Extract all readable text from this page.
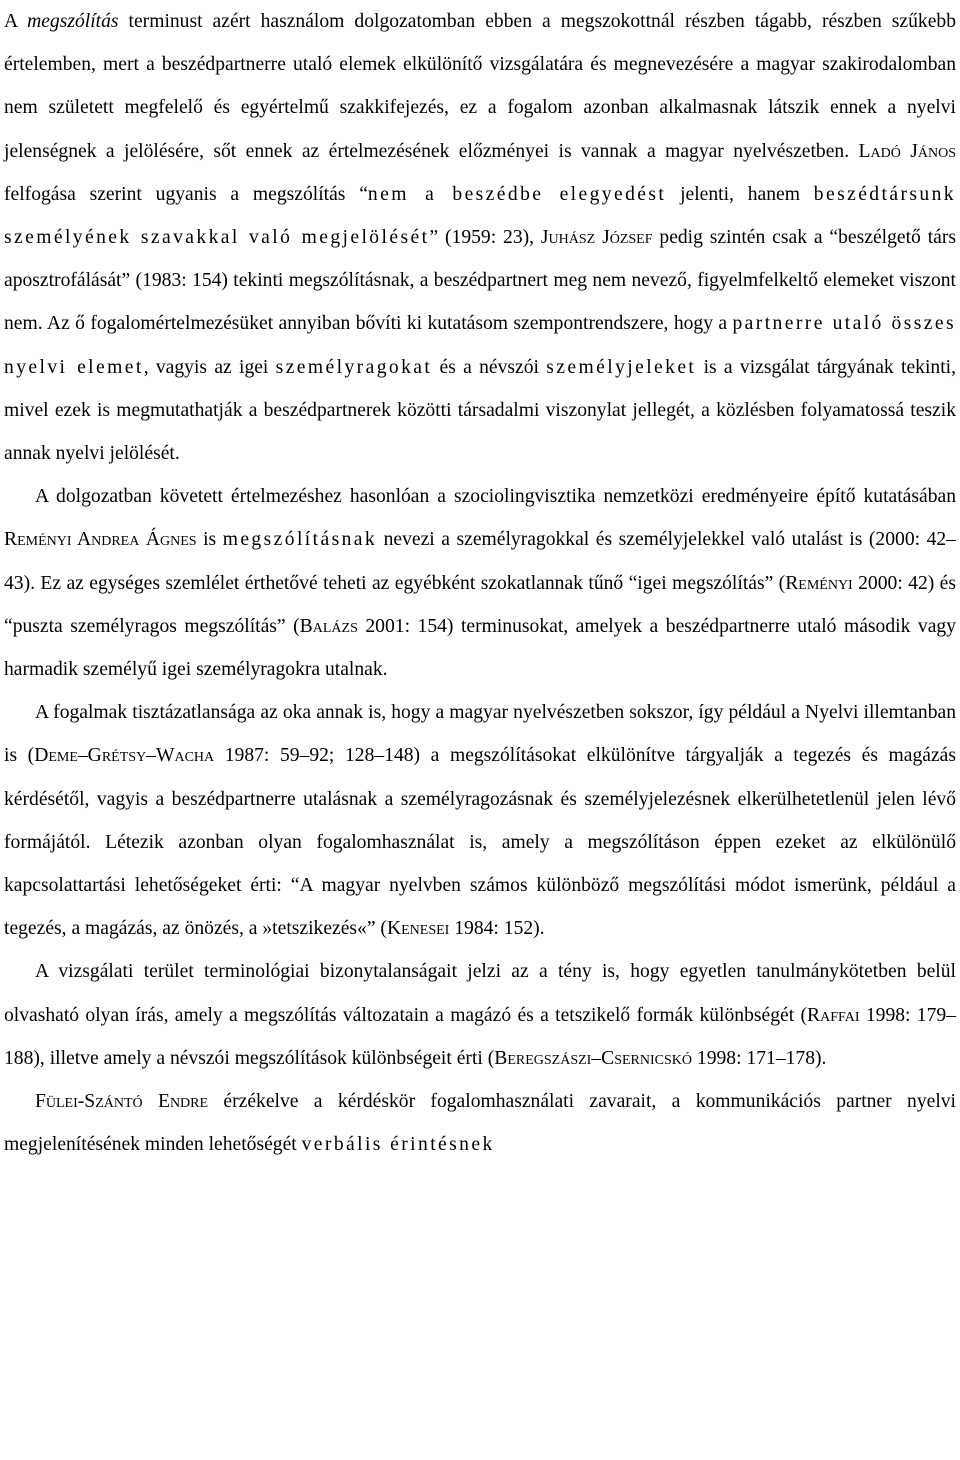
A megszólítás terminust azért használom dolgozatomban ebben a megszokottnál részben tágabb, részben szűkebb értelemben, mert a beszédpartnerre utaló elemek elkülönítő vizsgálatára és megnevezésére a magyar szakirodalomban nem született megfelelő és egyértelmű szakkifejezés, ez a fogalom azonban alkalmasnak látszik ennek a nyelvi jelenségnek a jelölésére, sőt ennek az értelmezésének előzményei is vannak a magyar nyelvészetben. Ladó János felfogása szerint ugyanis a megszólítás “nem a beszédbe elegyedést jelenti, hanem beszédtársunk személyének szavakkal való megjelölését” (1959: 23), Juhász József pedig szintén csak a “beszélgető társ aposztrofálását” (1983: 154) tekinti megszólításnak, a beszédpartnert meg nem nevező, figyelmfelkeltő elemeket viszont nem. Az ő fogalomértelmezésüket annyiban bővíti ki kutatásom szempontrendszere, hogy a partnerre utaló összes nyelvi elemet, vagyis az igei személyragokat és a névszói személyjeleket is a vizsgálat tárgyának tekinti, mivel ezek is megmutathatják a beszédpartnerek közötti társadalmi viszonylat jellegét, a közlésben folyamatossá teszik annak nyelvi jelölését.

A dolgozatban követett értelmezéshez hasonlóan a szociolingvisztika nemzetközi eredményeire építő kutatásában Reményi Andrea Ágnes is megszólításnak nevezi a személyragokkal és személyjelekkel való utalást is (2000: 42–43). Ez az egységes szemlélet érthetővé teheti az egyébként szokatlannak tűnő “igei megszólítás” (Reményi 2000: 42) és “puszta személyragos megszólítás” (Balázs 2001: 154) terminusokat, amelyek a beszédpartnerre utaló második vagy harmadik személyű igei személyragokra utalnak.

A fogalmak tisztázatlansága az oka annak is, hogy a magyar nyelvészetben sokszor, így például a Nyelvi illemtanban is (Deme–Grétsy–Wacha 1987: 59–92; 128–148) a megszólításokat elkülönítve tárgyalják a tegezés és magázás kérdésétől, vagyis a beszédpartnerre utalásnak a személyragozásnak és személyjelezésnek elkerülhetetlenül jelen lévő formájától. Létezik azonban olyan fogalomhasználat is, amely a megszólításon éppen ezeket az elkülönülő kapcsolattartási lehetőségeket érti: “A magyar nyelvben számos különböző megszólítási módot ismerünk, például a tegezés, a magázás, az önözés, a »tetszikezés«” (Kenesei 1984: 152).

A vizsgálati terület terminológiai bizonytalanságait jelzi az a tény is, hogy egyetlen tanulmánykötetben belül olvasható olyan írás, amely a megszólítás változatain a magázó és a tetszikelő formák különbségét (Raffai 1998: 179–188), illetve amely a névszói megszólítások különbségeit érti (Beregszászi–Csernicskó 1998: 171–178).

Fülei-Szántó Endre érzékelve a kérdéskör fogalomhasználati zavarait, a kommunikációs partner nyelvi megjelenítésének minden lehetőségét verbális érintésnek
